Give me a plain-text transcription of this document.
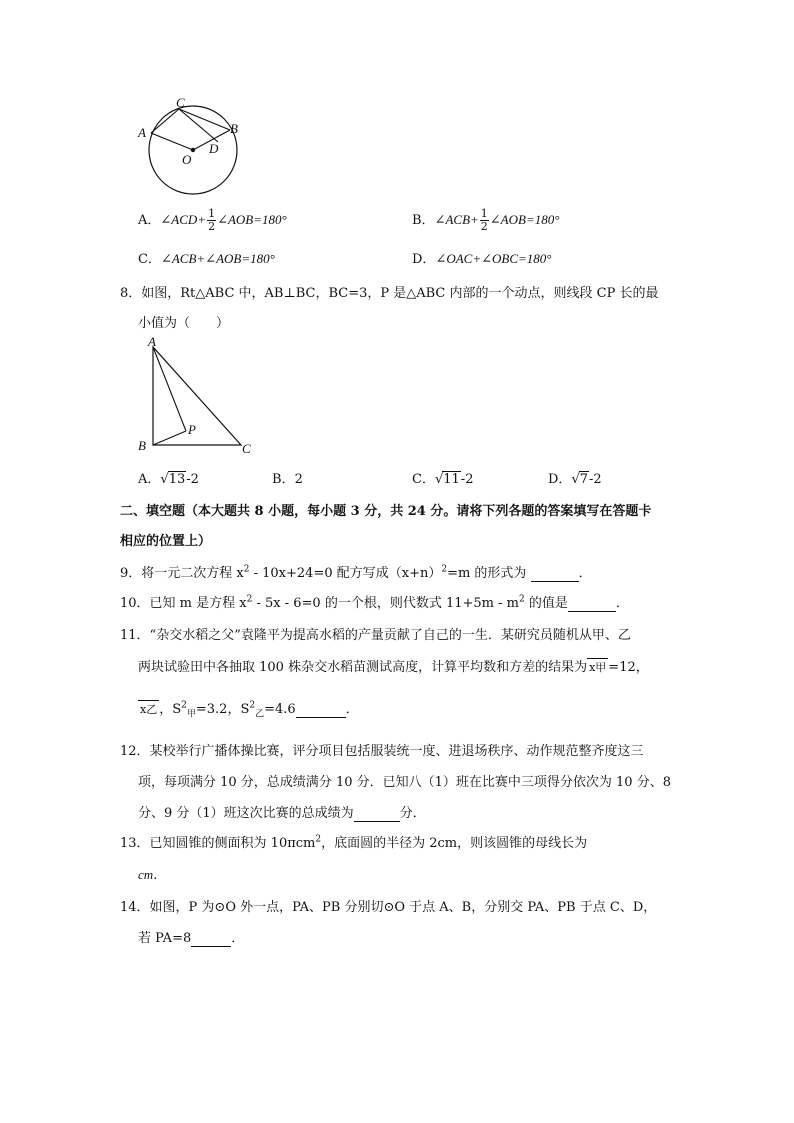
C
A	B
O
D
A．∠ACD+ $\frac{1}{2}$ ∠AOB=180°	B．∠ACB+ $\frac{1}{2}$ ∠AOB=180°
C．∠ACB+∠AOB=180°	D．∠OAC+∠OBC=180°
8．如图，Rt△ABC 中，AB⊥BC，BC=3，P 是△ABC 内部的一个动点，则线段 CP 长的最
小值为（　　）
A
B	C
P
A．√13-2	B．2	C．√11-2	D．√7-2
二、填空题（本大题共 8 小题，每小题 3 分，共 24 分。请将下列各题的答案填写在答题卡
相应的位置上）
9．将一元二次方程 $x^2 - 10x+24=0$ 配方写成$(x+n)^2=m$ 的形式为	．
10．已知 m 是方程 $x^2 - 5x - 6=0$ 的一个根，则代数式 $11+5m - m^2$ 的值是	．
11．“杂交水稻之父”袁隆平为提高水稻的产量贡献了自己的一生．某研究员随机从甲、乙
两块试验田中各抽取 100 株杂交水稻苗测试高度，计算平均数和方差的结果为 x甲 =12，
x乙 ，$S^2_甲=3.2$，$S^2_乙=4.6$	．
12．某校举行广播体操比赛，评分项目包括服装统一度、进退场秩序、动作规范整齐度这三
项，每项满分 10 分，总成绩满分 10 分．已知八（1）班在比赛中三项得分依次为 10 分、8
分、9 分（1）班这次比赛的总成绩为	分．
13．已知圆锥的侧面积为 10πcm$^2$，底面圆的半径为 2cm，则该圆锥的母线长为
cm．
14．如图，P 为⊙O 外一点，PA、PB 分别切⊙O 于点 A、B，分别交 PA、PB 于点 C、D，
若 PA=8	．
